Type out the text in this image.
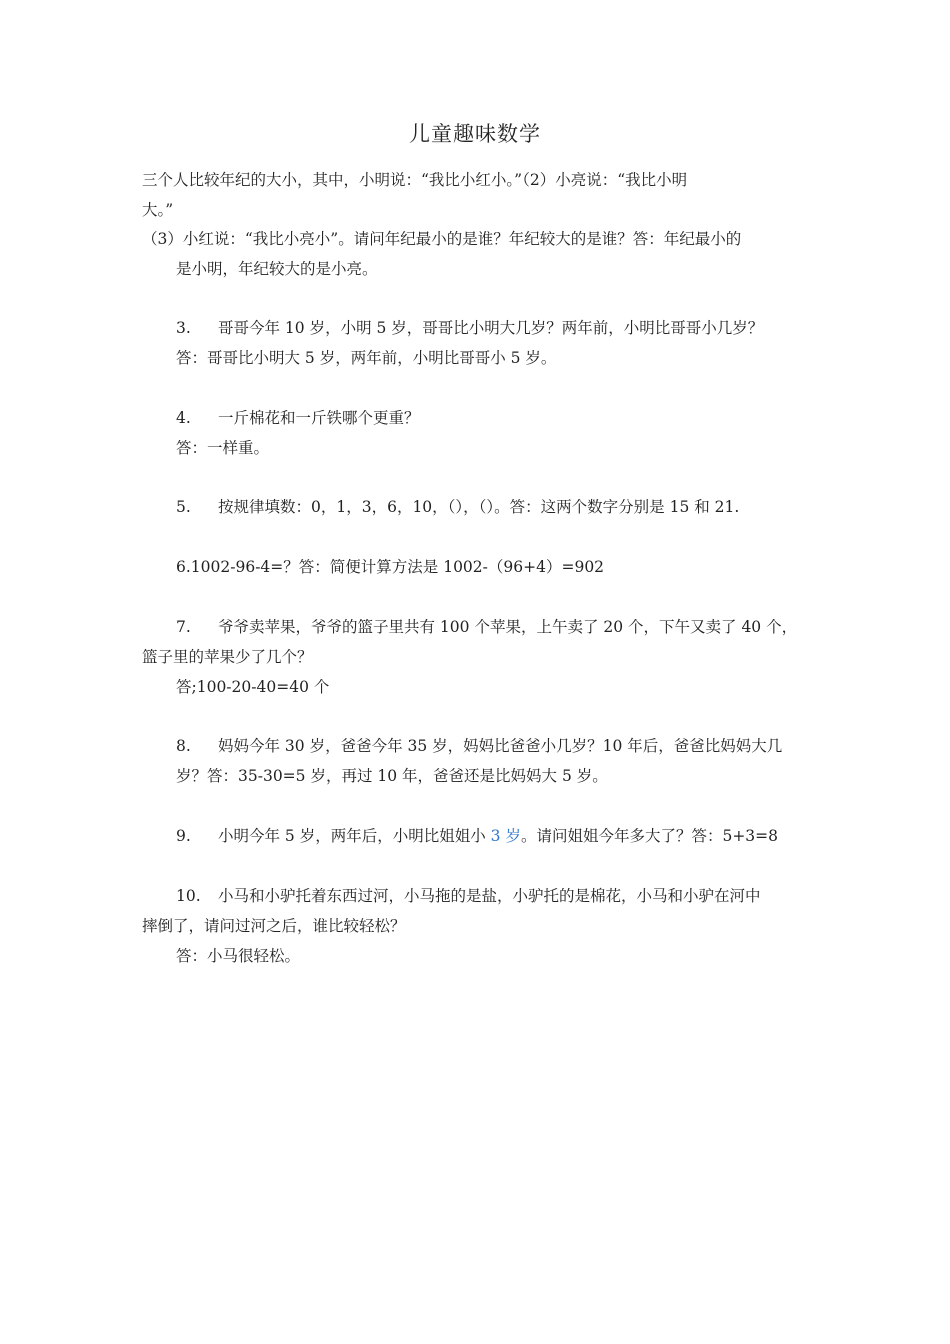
儿童趣味数学
三个人比较年纪的大小，其中，小明说：“我比小红小。”（2）小亮说：“我比小明
大。”
（3）小红说：“我比小亮小”。请问年纪最小的是谁？年纪较大的是谁？答：年纪最小的
是小明，年纪较大的是小亮。
3. 哥哥今年 10 岁，小明 5 岁，哥哥比小明大几岁？两年前，小明比哥哥小几岁？
答：哥哥比小明大 5 岁，两年前，小明比哥哥小 5 岁。
4. 一斤棉花和一斤铁哪个更重？
答：一样重。
5. 按规律填数：0，1，3，6，10，（），（）。答：这两个数字分别是 15 和 21.
6.1002-96-4=？答：简便计算方法是 1002-（96+4）=902
7. 爷爷卖苹果，爷爷的篮子里共有 100 个苹果，上午卖了 20 个，下午又卖了 40 个，
篮子里的苹果少了几个？
答;100-20-40=40 个
8. 妈妈今年 30 岁，爸爸今年 35 岁，妈妈比爸爸小几岁？10 年后，爸爸比妈妈大几
岁？答：35-30=5 岁，再过 10 年，爸爸还是比妈妈大 5 岁。
9. 小明今年 5 岁，两年后，小明比姐姐小 3 岁。请问姐姐今年多大了？答：5+3=8
10. 小马和小驴托着东西过河，小马拖的是盐，小驴托的是棉花，小马和小驴在河中
摔倒了，请问过河之后，谁比较轻松？
答：小马很轻松。
